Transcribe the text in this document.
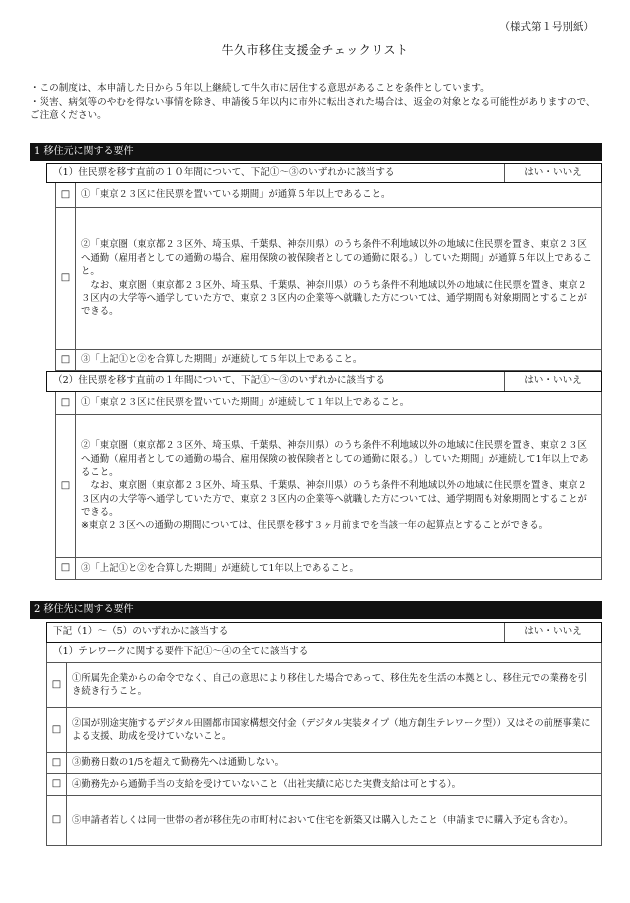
（様式第１号別紙）
牛久市移住支援金チェックリスト
・この制度は、本申請した日から５年以上継続して牛久市に居住する意思があることを条件としています。
・災害、病気等のやむを得ない事情を除き、申請後５年以内に市外に転出された場合は、返金の対象となる可能性がありますので、ご注意ください。
1 移住元に関する要件
（1）住民票を移す直前の１０年間について、下記①～③のいずれかに該当する	はい・いいえ
□	①「東京２３区に住民票を置いている期間」が通算５年以上であること。

□

②「東京圏（東京都２３区外、埼玉県、千葉県、神奈川県）のうち条件不利地域以外の地域に住民票を置き、東京２３区へ通勤（雇用者としての通勤の場合、雇用保険の被保険者としての通勤に限る。）していた期間」が通算５年以上であること。
　なお、東京圏（東京都２３区外、埼玉県、千葉県、神奈川県）のうち条件不利地域以外の地域に住民票を置き、東京２３区内の大学等へ通学していた方で、東京２３区内の企業等へ就職した方については、通学期間も対象期間とすることができる。

□	③「上記①と②を合算した期間」が連続して５年以上であること。

（2）住民票を移す直前の１年間について、下記①～③のいずれかに該当する	はい・いいえ
□	①「東京２３区に住民票を置いていた期間」が連続して１年以上であること。

□

②「東京圏（東京都２３区外、埼玉県、千葉県、神奈川県）のうち条件不利地域以外の地域に住民票を置き、東京２３区へ通勤（雇用者としての通勤の場合、雇用保険の被保険者としての通勤に限る。）していた期間」が連続して1年以上であること。
　なお、東京圏（東京都２３区外、埼玉県、千葉県、神奈川県）のうち条件不利地域以外の地域に住民票を置き、東京２３区内の大学等へ通学していた方で、東京２３区内の企業等へ就職した方については、通学期間も対象期間とすることができる。
※東京２３区への通勤の期間については、住民票を移す３ヶ月前までを当該一年の起算点とすることができる。

□	③「上記①と②を合算した期間」が連続して1年以上であること。

2 移住先に関する要件
下記（1）～（5）のいずれかに該当する	はい・いいえ
（1）テレワークに関する要件下記①～④の全てに該当する
□

①所属先企業からの命令でなく、自己の意思により移住した場合であって、移住先を生活の本拠とし、移住元での業務を引き続き行うこと。

□

②国が別途実施するデジタル田園都市国家構想交付金（デジタル実装タイプ（地方創生テレワーク型））又はその前歴事業による支援、助成を受けていないこと。

□	③勤務日数の1/5を超えて勤務先へは通勤しない。

□	④勤務先から通勤手当の支給を受けていないこと（出社実績に応じた実費支給は可とする）。

□	⑤申請者若しくは同一世帯の者が移住先の市町村において住宅を新築又は購入したこと（申請までに購入予定も含む）。
